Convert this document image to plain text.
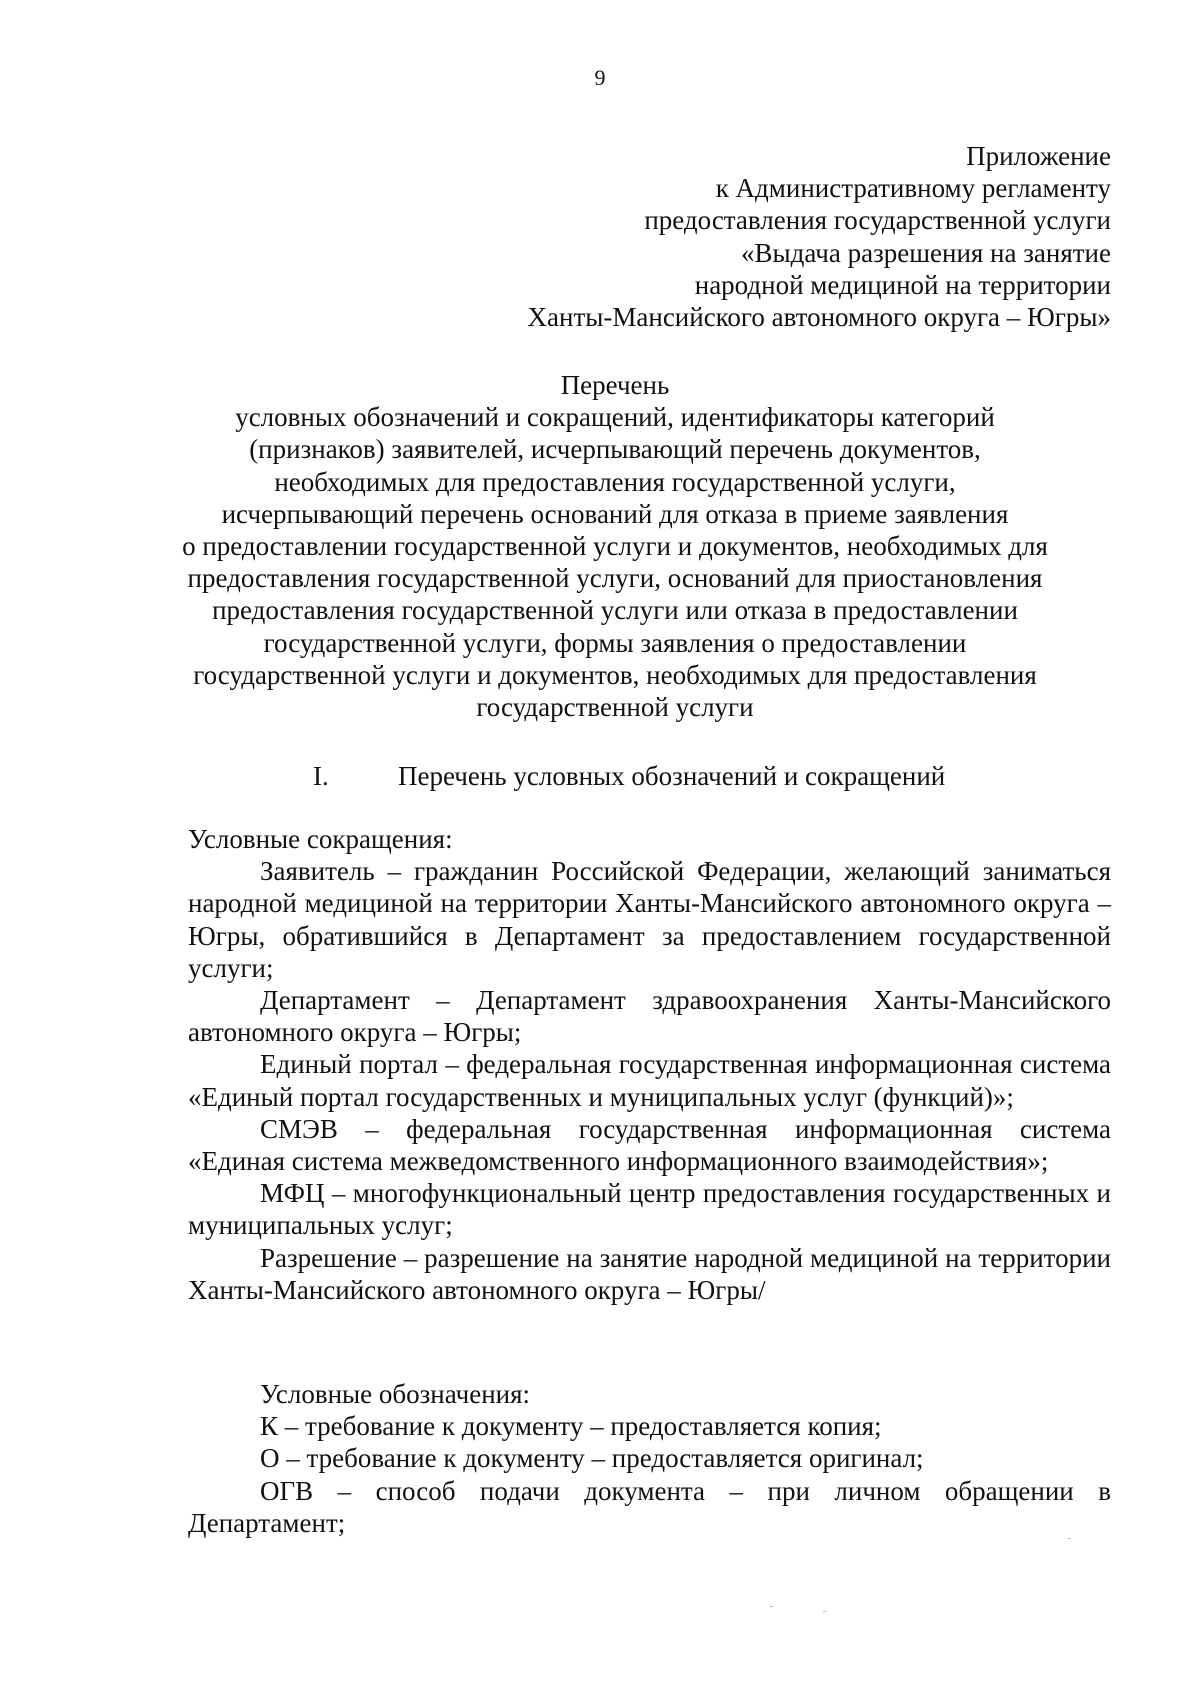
9
Приложение
к Административному регламенту
предоставления государственной услуги
«Выдача разрешения на занятие
народной медициной на территории
Ханты-Мансийского автономного округа – Югры»
Перечень
условных обозначений и сокращений, идентификаторы категорий
(признаков) заявителей, исчерпывающий перечень документов,
необходимых для предоставления государственной услуги,
исчерпывающий перечень оснований для отказа в приеме заявления
о предоставлении государственной услуги и документов, необходимых для
предоставления государственной услуги, оснований для приостановления
предоставления государственной услуги или отказа в предоставлении
государственной услуги, формы заявления о предоставлении
государственной услуги и документов, необходимых для предоставления
государственной услуги
I.	Перечень условных обозначений и сокращений

Условные сокращения:

Заявитель – гражданин Российской Федерации, желающий заниматься народной медициной на территории Ханты-Мансийского автономного округа – Югры, обратившийся в Департамент за предоставлением государственной услуги;

Департамент – Департамент здравоохранения Ханты-Мансийского автономного округа – Югры;

Единый портал – федеральная государственная информационная система «Единый портал государственных и муниципальных услуг (функций)»;

СМЭВ – федеральная государственная информационная система «Единая система межведомственного информационного взаимодействия»;

МФЦ – многофункциональный центр предоставления государственных и муниципальных услуг;

Разрешение – разрешение на занятие народной медициной на территории Ханты-Мансийского автономного округа – Югры/

Условные обозначения:

К – требование к документу – предоставляется копия;

О – требование к документу – предоставляется оригинал;

ОГВ – способ подачи документа – при личном обращении в Департамент;
